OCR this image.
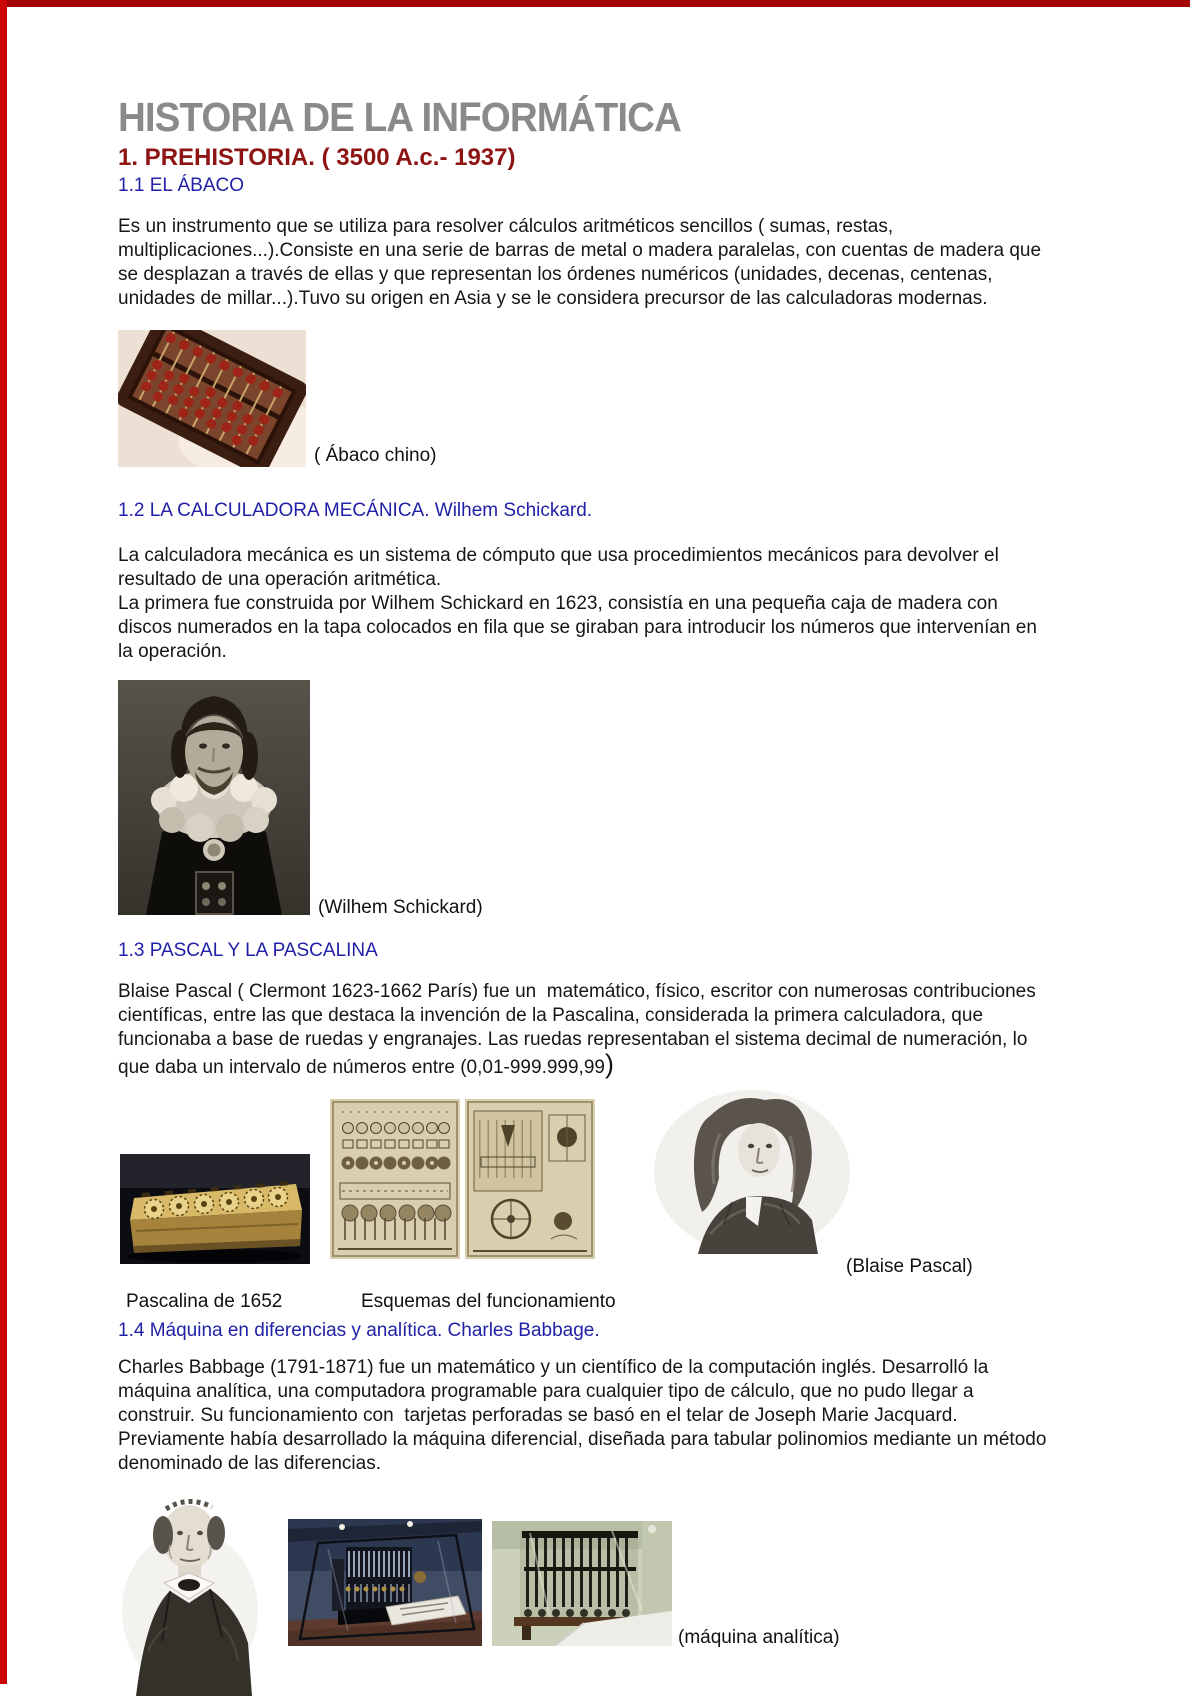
HISTORIA DE LA INFORMÁTICA
1. PREHISTORIA. ( 3500 A.c.- 1937)
1.1 EL ÁBACO

Es un instrumento que se utiliza para resolver cálculos aritméticos sencillos ( sumas, restas, multiplicaciones...).Consiste en una serie de barras de metal o madera paralelas, con cuentas de madera que se desplazan a través de ellas y que representan los órdenes numéricos (unidades, decenas, centenas, unidades de millar...).Tuvo su origen en Asia y se le considera precursor de las calculadoras modernas.

( Ábaco chino)
1.2 LA CALCULADORA MECÁNICA. Wilhem Schickard.

La calculadora mecánica es un sistema de cómputo que usa procedimientos mecánicos para devolver el resultado de una operación aritmética.

La primera fue construida por Wilhem Schickard en 1623, consistía en una pequeña caja de madera con discos numerados en la tapa colocados en fila que se giraban para introducir los números que intervenían en la operación.

(Wilhem Schickard)
1.3 PASCAL Y LA PASCALINA

Blaise Pascal ( Clermont 1623-1662 París) fue un  matemático, físico, escritor con numerosas contribuciones científicas, entre las que destaca la invención de la Pascalina, considerada la primera calculadora, que funcionaba a base de ruedas y engranajes. Las ruedas representaban el sistema decimal de numeración, lo que daba un intervalo de números entre (0,01-999.999,99)

(Blaise Pascal)
Pascalina de 1652	Esquemas del funcionamiento
1.4 Máquina en diferencias y analítica. Charles Babbage.

Charles Babbage (1791-1871) fue un matemático y un científico de la computación inglés. Desarrolló la máquina analítica, una computadora programable para cualquier tipo de cálculo, que no pudo llegar a construir. Su funcionamiento con  tarjetas perforadas se basó en el telar de Joseph Marie Jacquard. Previamente había desarrollado la máquina diferencial, diseñada para tabular polinomios mediante un método denominado de las diferencias.

(máquina analítica)
